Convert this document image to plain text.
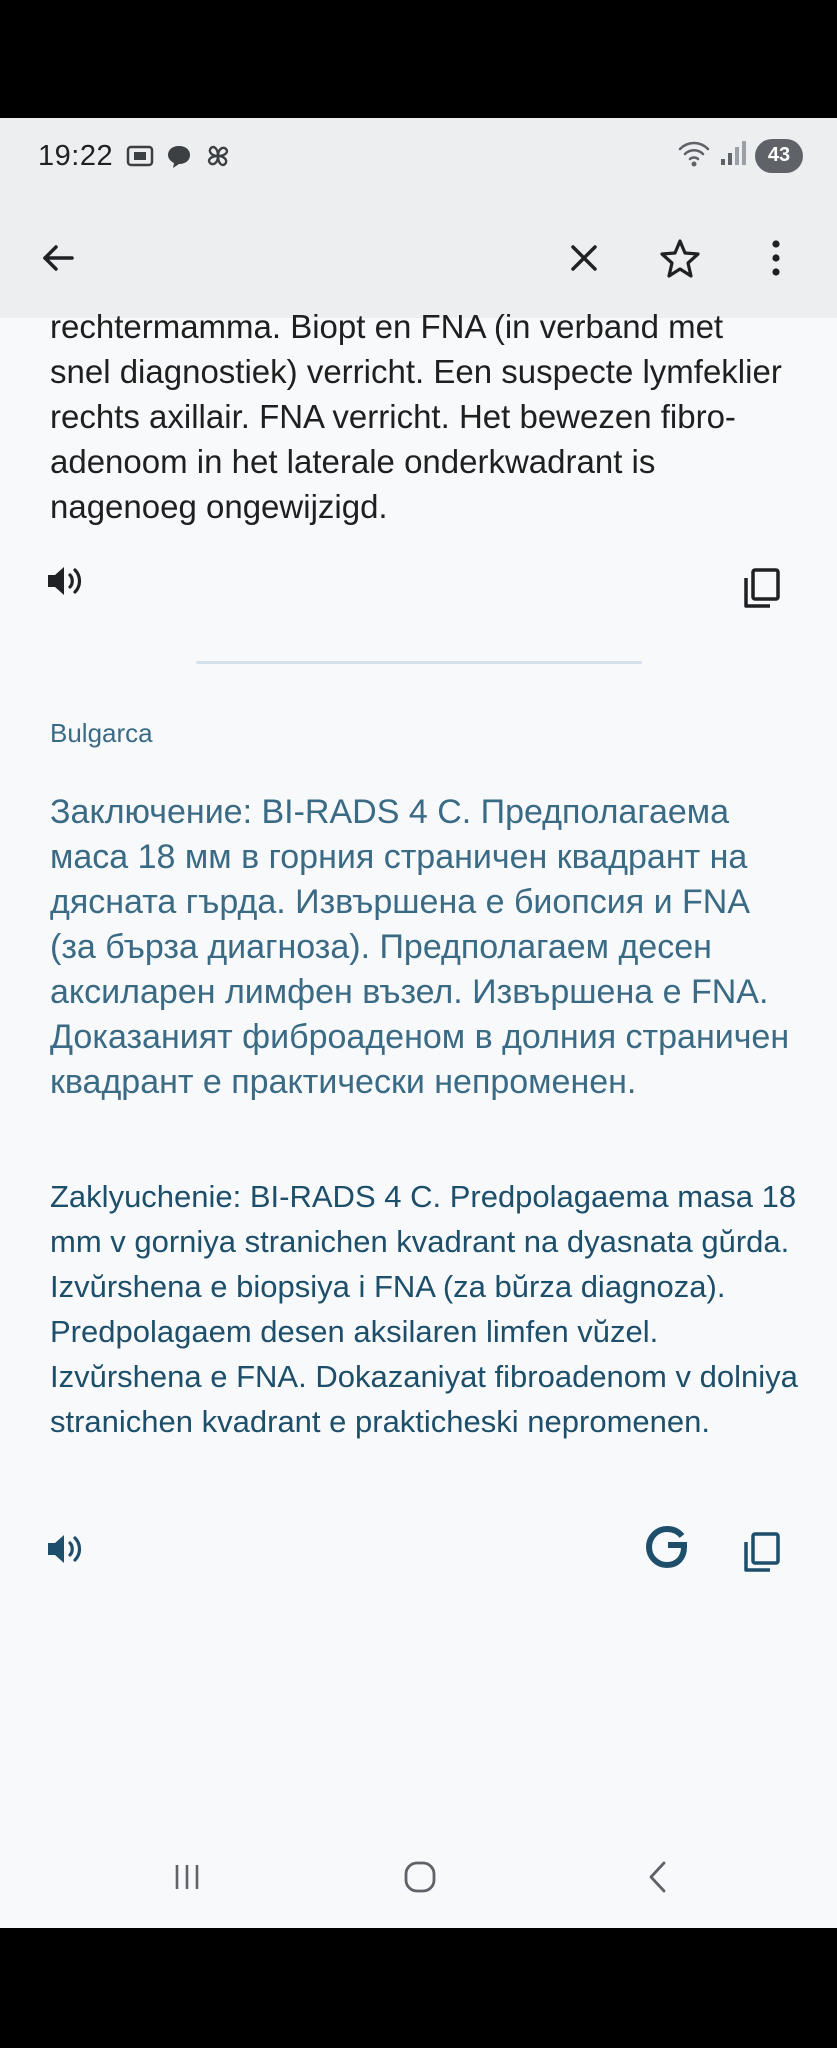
19:22	43
rechtermamma. Biopt en FNA (in verband met snel diagnostiek) verricht. Een suspecte lymfeklier rechts axillair. FNA verricht. Het bewezen fibro-adenoom in het laterale onderkwadrant is nagenoeg ongewijzigd.
Bulgarca
Заключение: BI-RADS 4 C. Предполагаема маса 18 мм в горния страничен квадрант на дясната гърда. Извършена е биопсия и FNA (за бърза диагноза). Предполагаем десен аксиларен лимфен възел. Извършена е FNA. Доказаният фиброаденом в долния страничен квадрант е практически непроменен.
Zaklyuchenie: BI-RADS 4 C. Predpolagaema masa 18 mm v gorniya stranichen kvadrant na dyasnata gŭrda. Izvŭrshena e biopsiya i FNA (za bŭrza diagnoza). Predpolagaem desen aksilaren limfen vŭzel. Izvŭrshena e FNA. Dokazaniyat fibroadenom v dolniya stranichen kvadrant e prakticheski nepromenen.
